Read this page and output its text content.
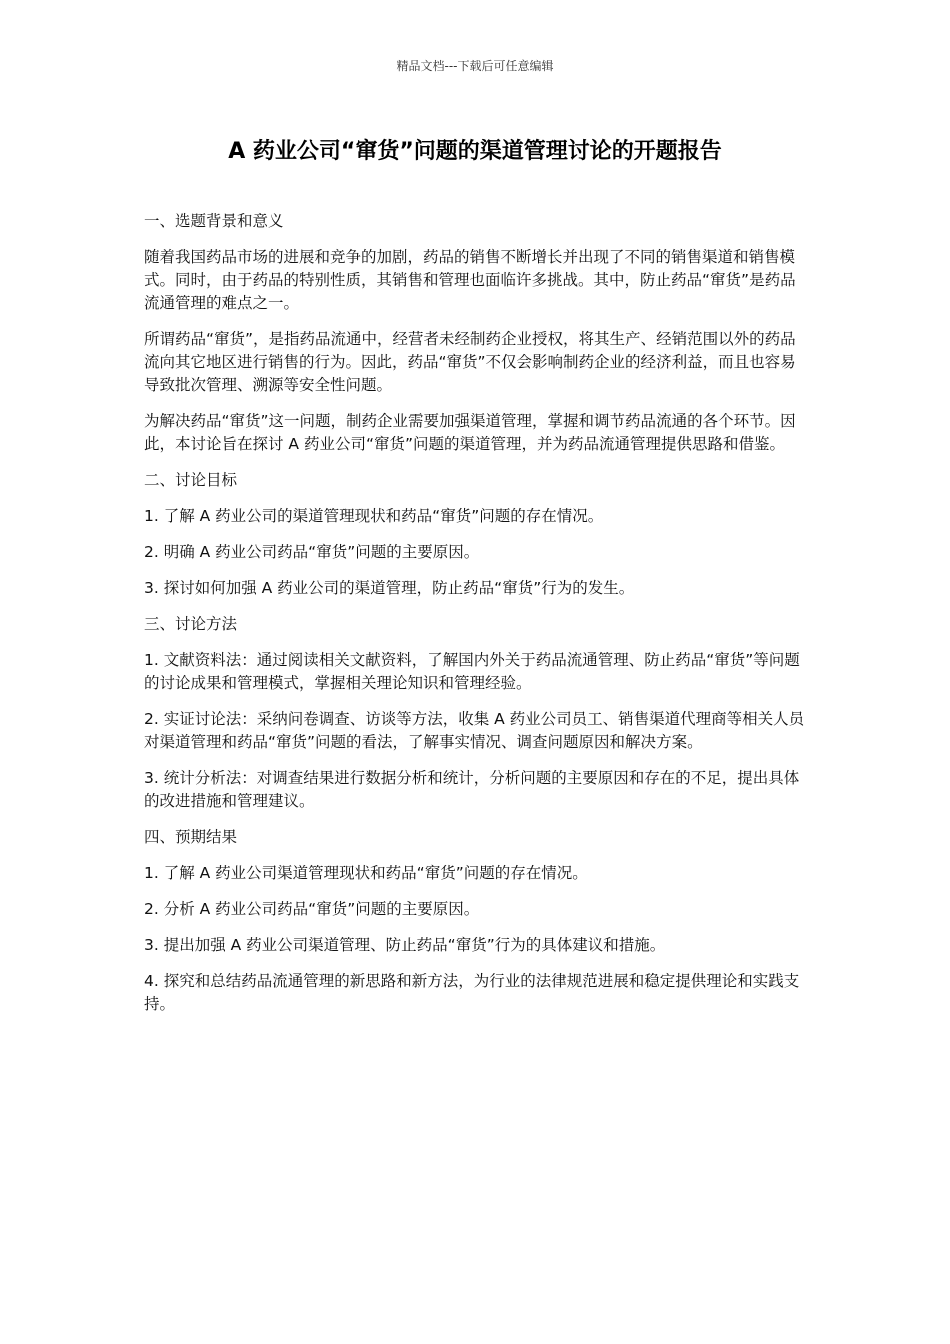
精品文档---下载后可任意编辑
A 药业公司“窜货”问题的渠道管理讨论的开题报告

一、选题背景和意义

随着我国药品市场的进展和竞争的加剧，药品的销售不断增长并出现了不同的销售渠道和销售模式。同时，由于药品的特别性质，其销售和管理也面临许多挑战。其中，防止药品“窜货”是药品流通管理的难点之一。

所谓药品“窜货”，是指药品流通中，经营者未经制药企业授权，将其生产、经销范围以外的药品流向其它地区进行销售的行为。因此，药品“窜货”不仅会影响制药企业的经济利益，而且也容易导致批次管理、溯源等安全性问题。

为解决药品“窜货”这一问题，制药企业需要加强渠道管理，掌握和调节药品流通的各个环节。因此，本讨论旨在探讨 A 药业公司“窜货”问题的渠道管理，并为药品流通管理提供思路和借鉴。

二、讨论目标

1. 了解 A 药业公司的渠道管理现状和药品“窜货”问题的存在情况。

2. 明确 A 药业公司药品“窜货”问题的主要原因。

3. 探讨如何加强 A 药业公司的渠道管理，防止药品“窜货”行为的发生。

三、讨论方法

1. 文献资料法：通过阅读相关文献资料，了解国内外关于药品流通管理、防止药品“窜货”等问题的讨论成果和管理模式，掌握相关理论知识和管理经验。

2. 实证讨论法：采纳问卷调查、访谈等方法，收集 A 药业公司员工、销售渠道代理商等相关人员对渠道管理和药品“窜货”问题的看法，了解事实情况、调查问题原因和解决方案。

3. 统计分析法：对调查结果进行数据分析和统计，分析问题的主要原因和存在的不足，提出具体的改进措施和管理建议。

四、预期结果

1. 了解 A 药业公司渠道管理现状和药品“窜货”问题的存在情况。

2. 分析 A 药业公司药品“窜货”问题的主要原因。

3. 提出加强 A 药业公司渠道管理、防止药品“窜货”行为的具体建议和措施。

4. 探究和总结药品流通管理的新思路和新方法，为行业的法律规范进展和稳定提供理论和实践支持。
